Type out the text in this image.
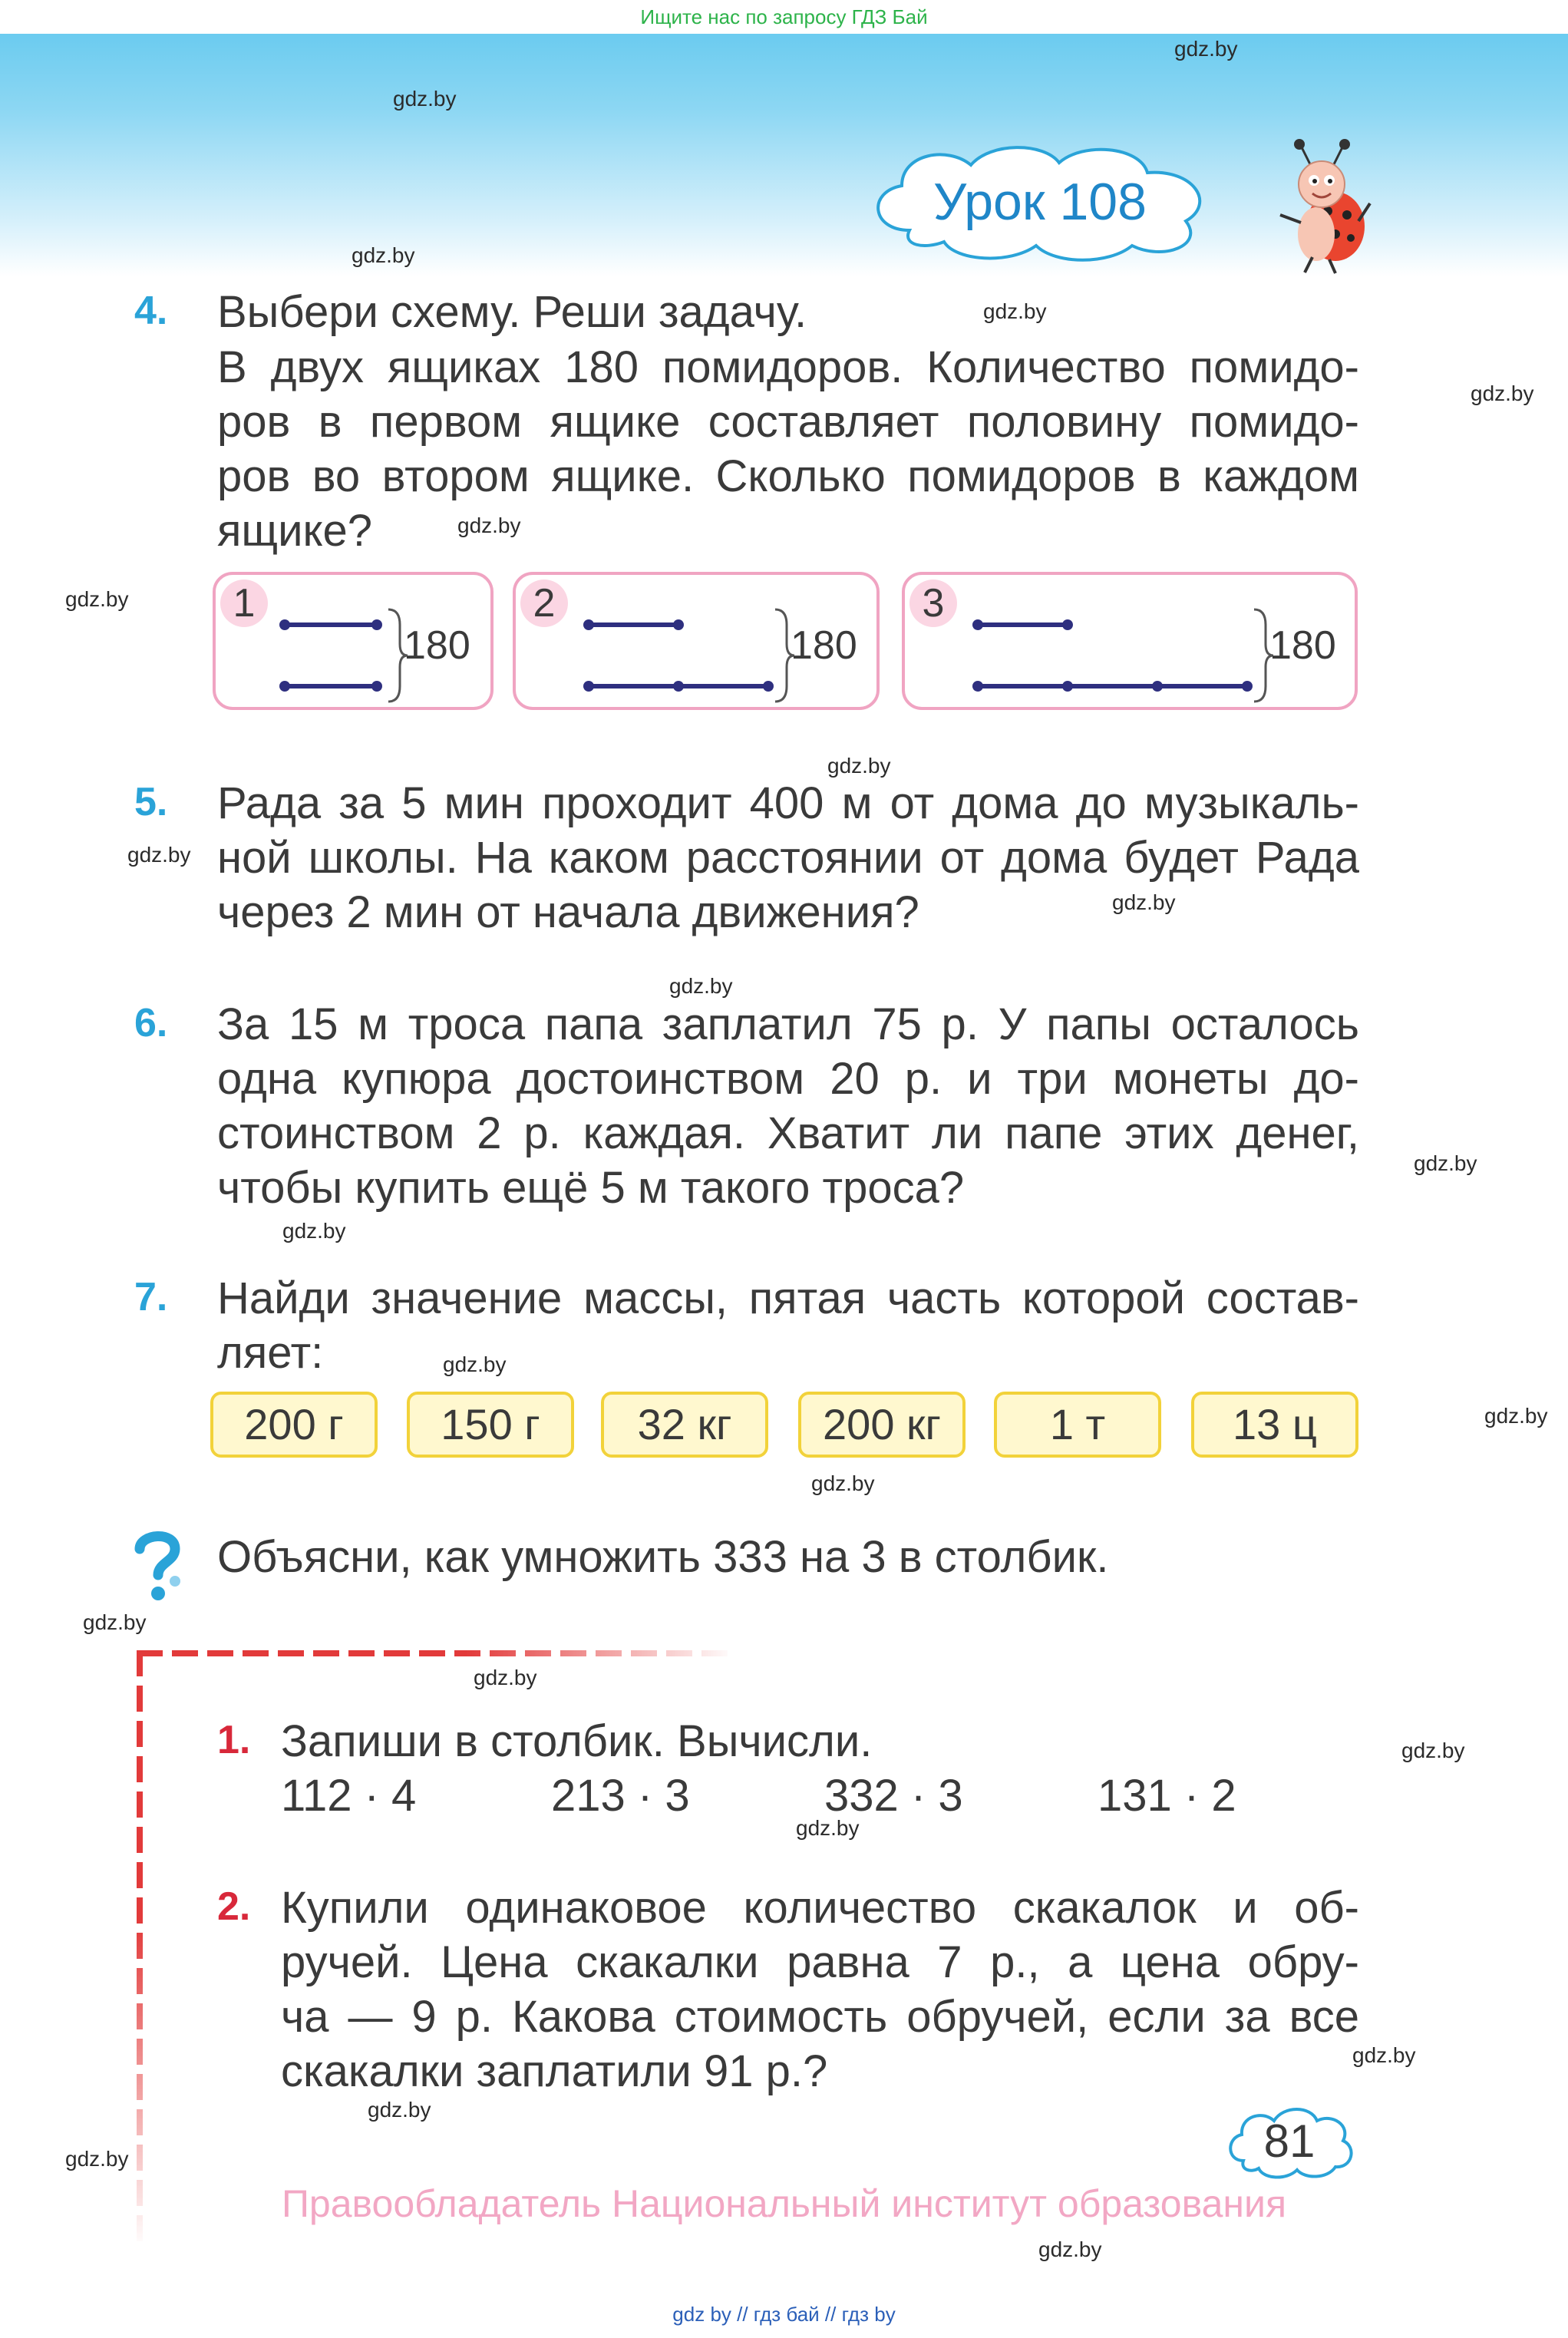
Ищите нас по запросу ГДЗ Бай
gdz.by
gdz.by
gdz.by
gdz.by
gdz.by
gdz.by
gdz.by
gdz.by
gdz.by
gdz.by
gdz.by
gdz.by
gdz.by
gdz.by
gdz.by
gdz.by
gdz.by
gdz.by
gdz.by
gdz.by
gdz.by
gdz.by
gdz.by
gdz.by
Урок 108
4.	Выбери схему. Реши задачу.
В двух ящиках 180 помидоров. Количество помидо-
ров в первом ящике составляет половину помидо-
ров во втором ящике. Сколько помидоров в каждом
ящике?
1
180
2
180
3
180
5.	Рада за 5 мин проходит 400 м от дома до музыкаль-
ной школы. На каком расстоянии от дома будет Рада
через 2 мин от начала движения?
6.	За 15 м троса папа заплатил 75 р. У папы осталось
одна купюра достоинством 20 р. и три монеты до-
стоинством 2 р. каждая. Хватит ли папе этих денег,
чтобы купить ещё 5 м такого троса?
7.	Найди значение массы, пятая часть которой состав-
ляет:
200 г	150 г	32 кг	200 кг	1 т	13 ц
Объясни, как умножить 333 на 3 в столбик.
1. Запиши в столбик. Вычисли.
112 · 4	213 · 3	332 · 3	131 · 2
2. Купили одинаковое количество скакалок и об-
ручей. Цена скакалки равна 7 р., а цена обру-
ча — 9 р. Какова стоимость обручей, если за все
скакалки заплатили 91 р.?
81
Правообладатель Национальный институт образования
gdz by // гдз бай // гдз by
